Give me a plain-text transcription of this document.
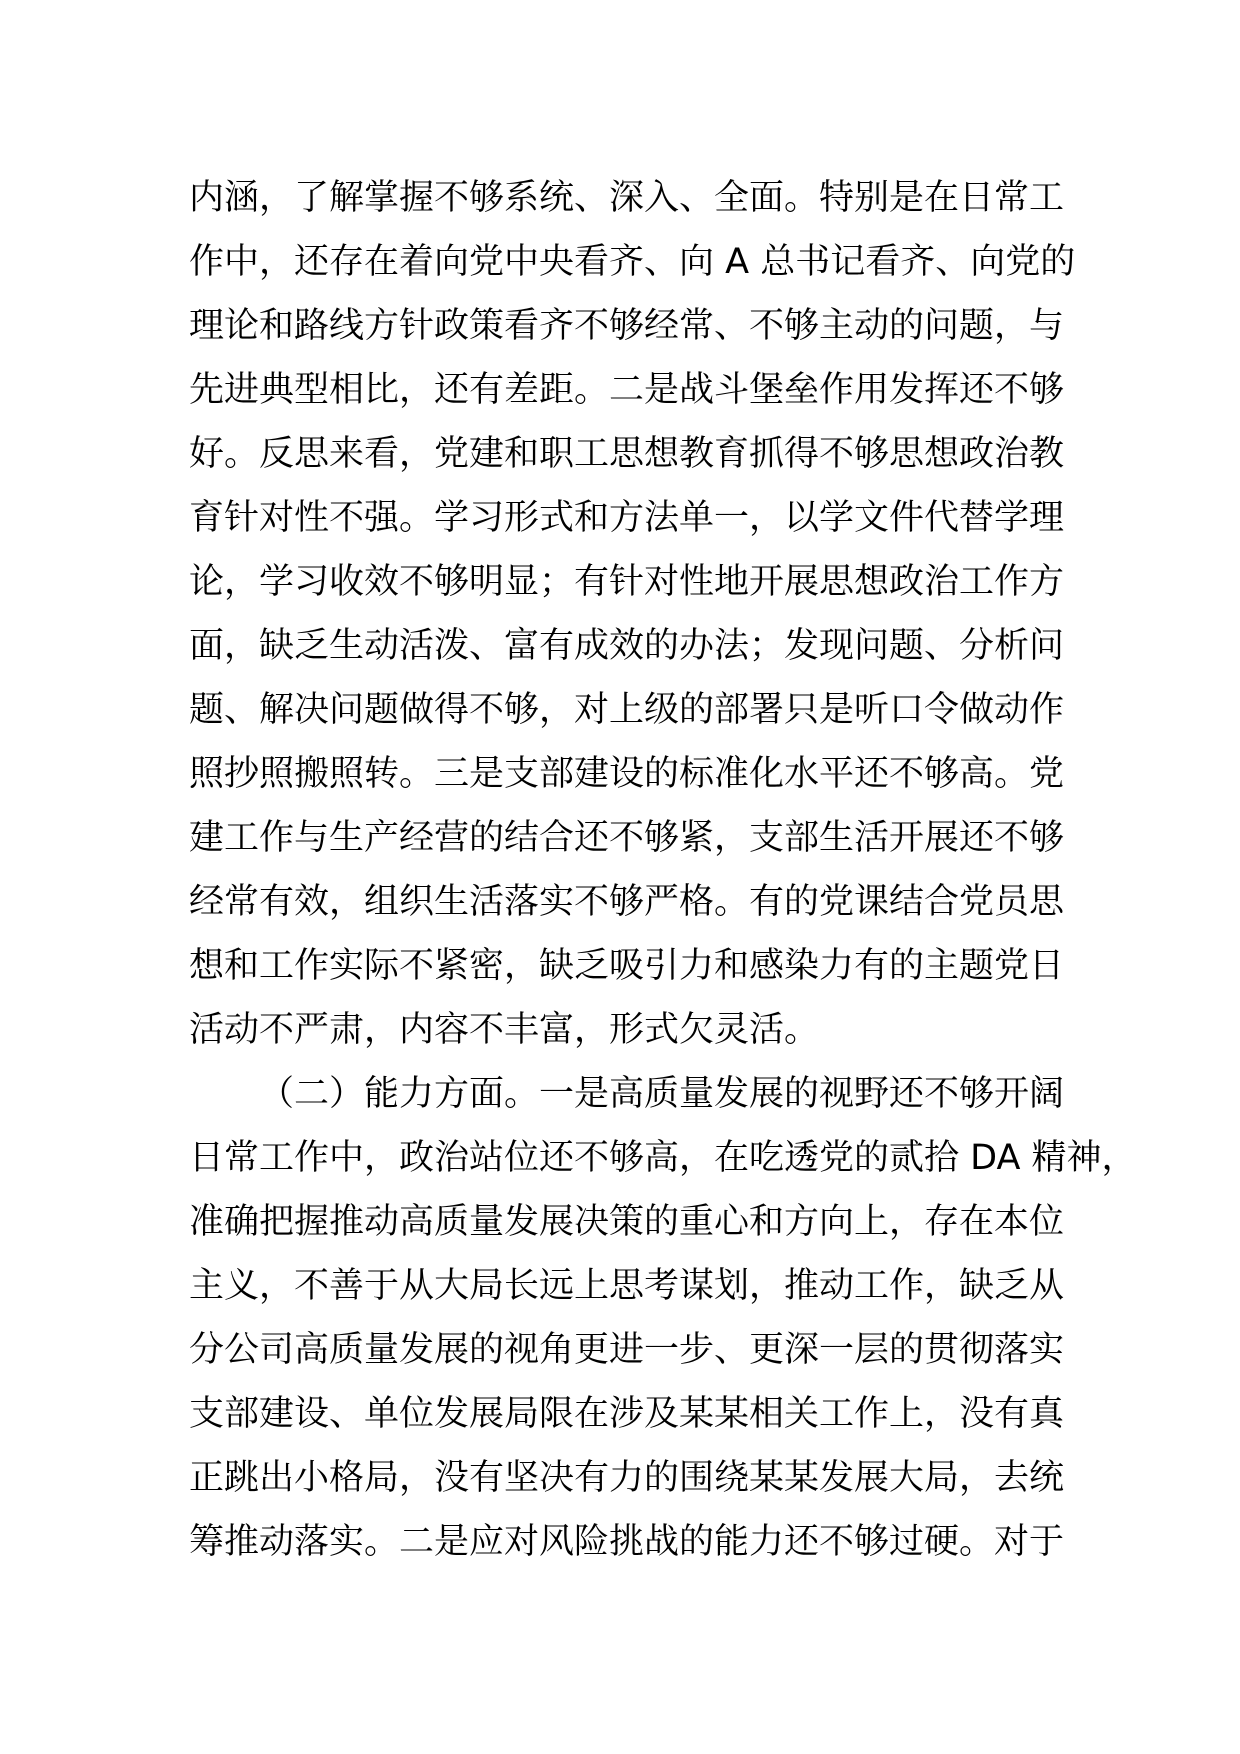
内涵，了解掌握不够系统、深入、全面。特别是在日常工
作中，还存在着向党中央看齐、向 A 总书记看齐、向党的
理论和路线方针政策看齐不够经常、不够主动的问题，与
先进典型相比，还有差距。二是战斗堡垒作用发挥还不够
好。反思来看，党建和职工思想教育抓得不够思想政治教
育针对性不强。学习形式和方法单一，以学文件代替学理
论，学习收效不够明显；有针对性地开展思想政治工作方
面，缺乏生动活泼、富有成效的办法；发现问题、分析问
题、解决问题做得不够，对上级的部署只是听口令做动作
照抄照搬照转。三是支部建设的标准化水平还不够高。党
建工作与生产经营的结合还不够紧，支部生活开展还不够
经常有效，组织生活落实不够严格。有的党课结合党员思
想和工作实际不紧密，缺乏吸引力和感染力有的主题党日
活动不严肃，内容不丰富，形式欠灵活。
（二）能力方面。一是高质量发展的视野还不够开阔
日常工作中，政治站位还不够高，在吃透党的贰拾 DA 精神，
准确把握推动高质量发展决策的重心和方向上，存在本位
主义，不善于从大局长远上思考谋划，推动工作，缺乏从
分公司高质量发展的视角更进一步、更深一层的贯彻落实
支部建设、单位发展局限在涉及某某相关工作上，没有真
正跳出小格局，没有坚决有力的围绕某某发展大局，去统
筹推动落实。二是应对风险挑战的能力还不够过硬。对于
